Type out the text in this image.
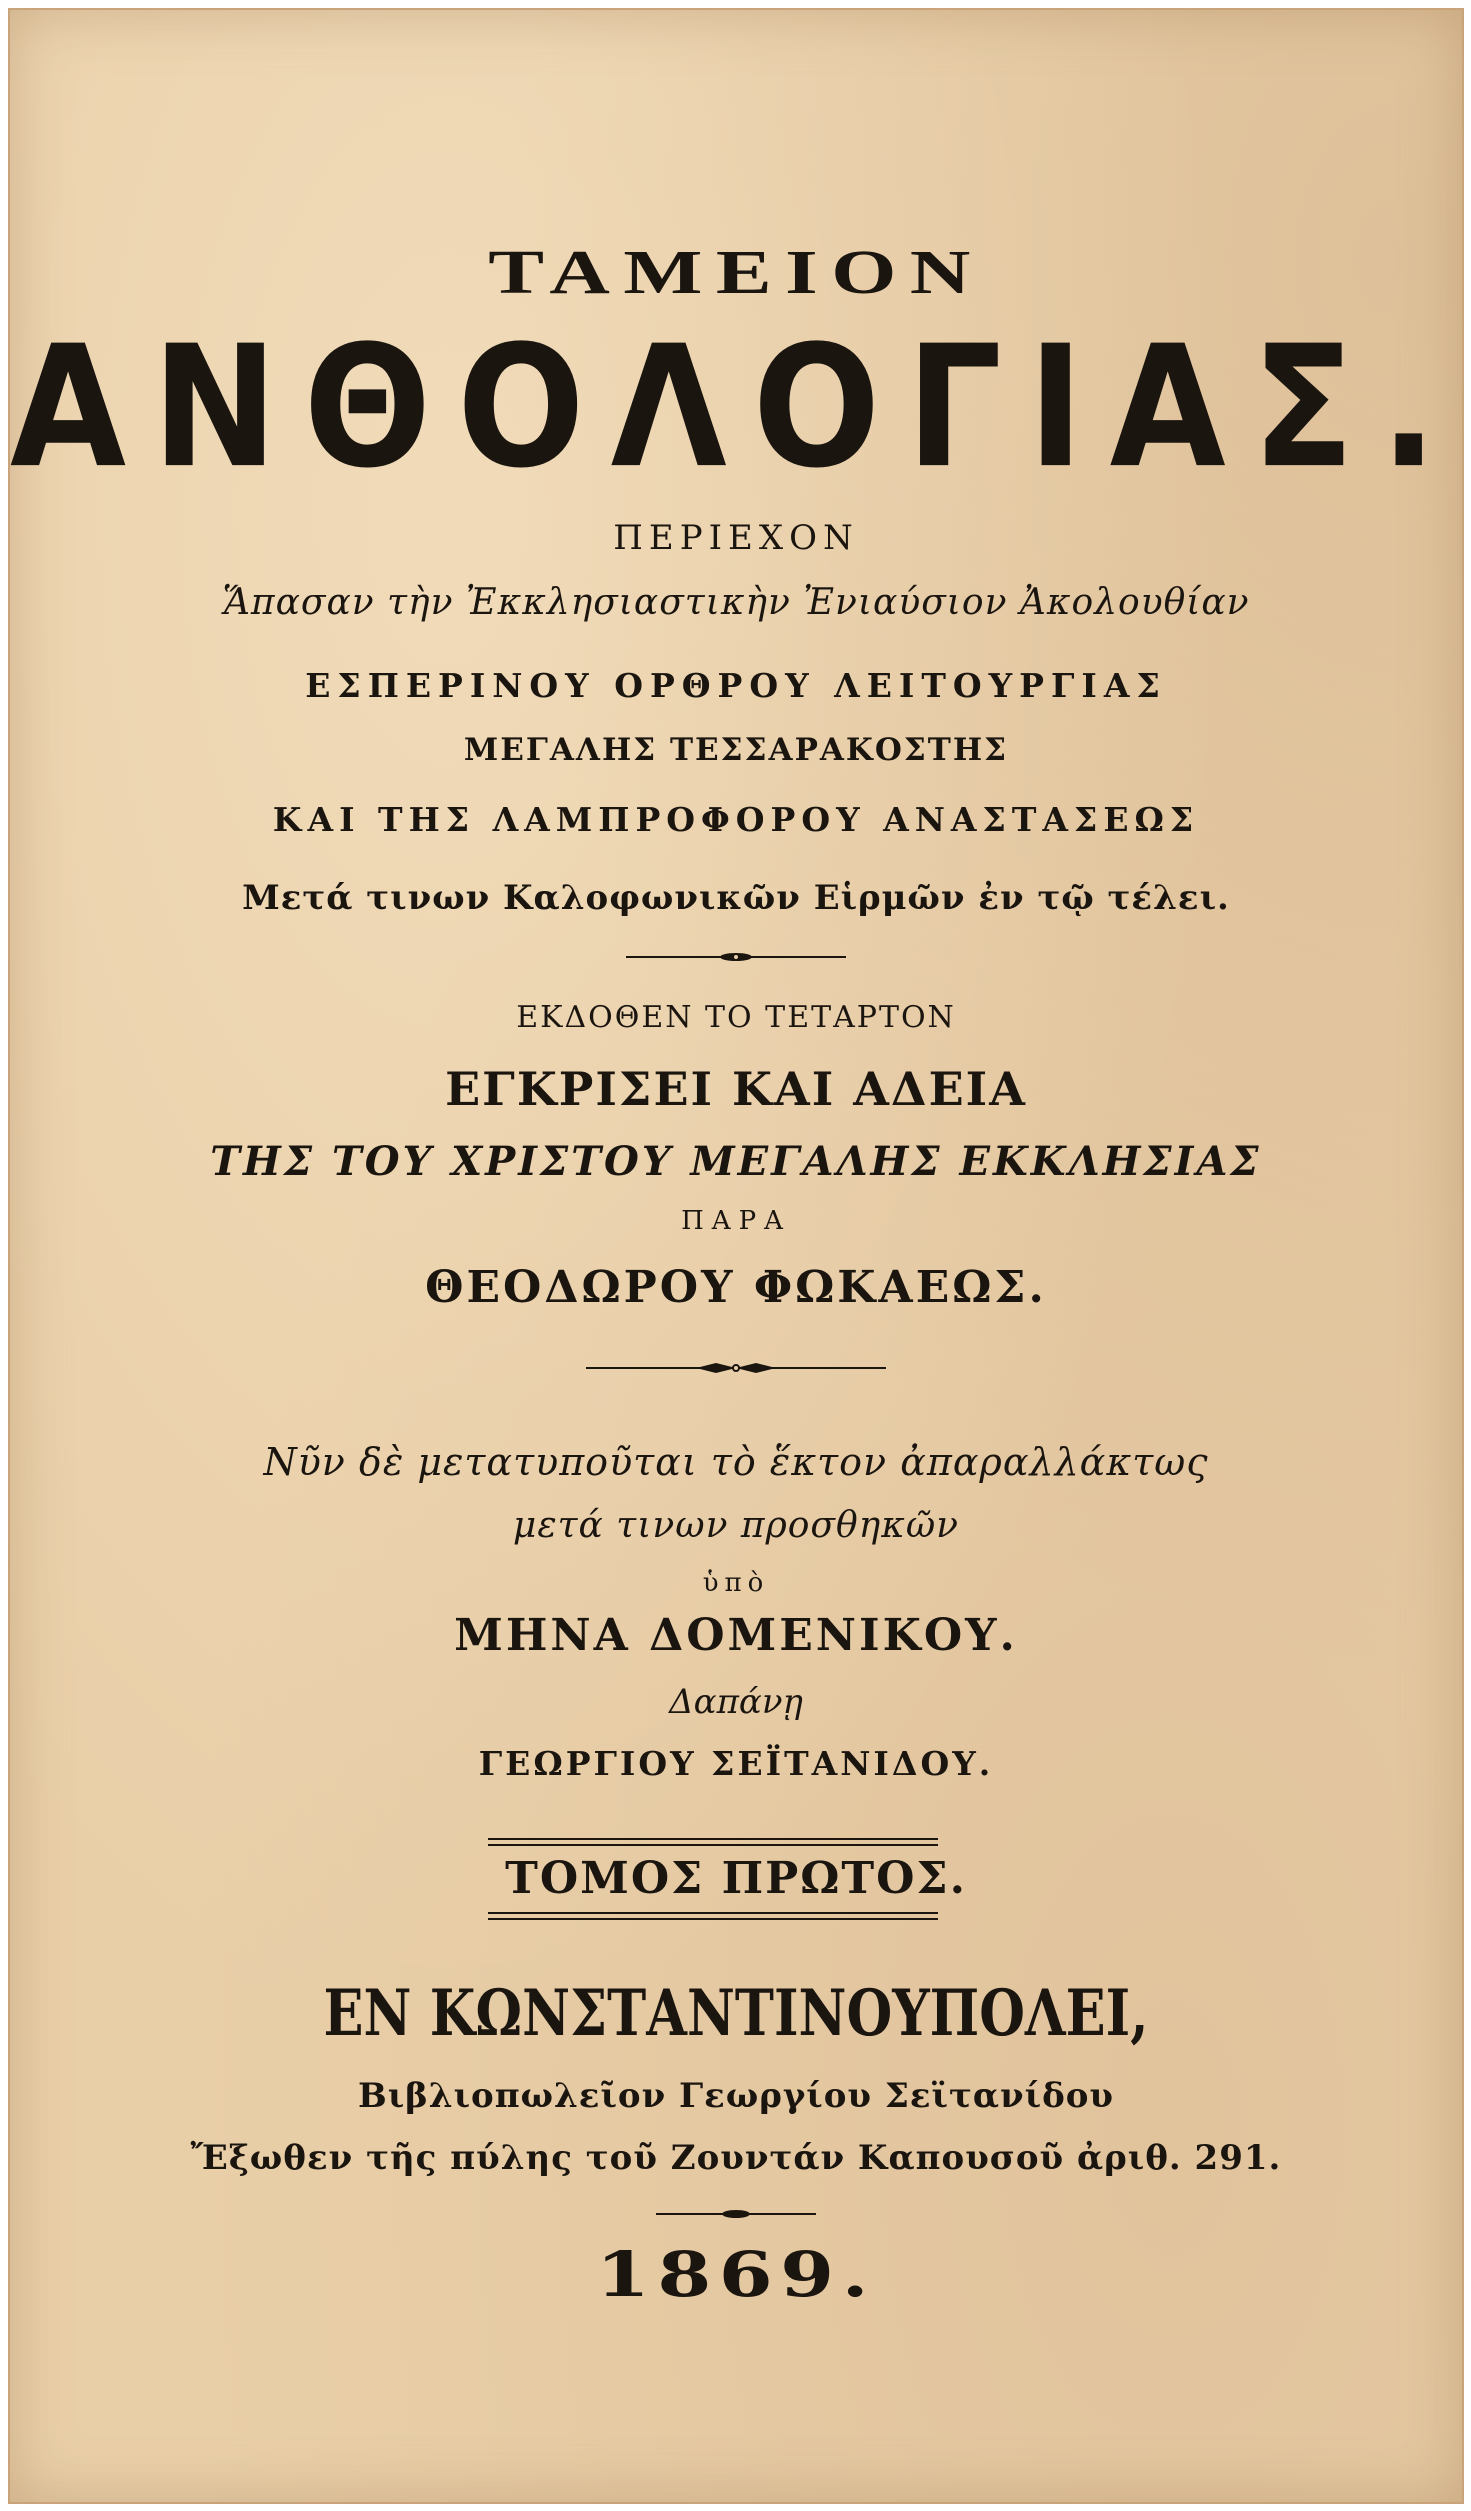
ΤΑΜΕΙΟΝ
ΑΝΘΟΛΟΓΙΑΣ.
ΠΕΡΙΕΧΟΝ
Ἅπασαν τὴν Ἐκκλησιαστικὴν Ἐνιαύσιον Ἀκολουθίαν
ΕΣΠΕΡΙΝΟΥ ΟΡΘΡΟΥ ΛΕΙΤΟΥΡΓΙΑΣ
ΜΕΓΑΛΗΣ ΤΕΣΣΑΡΑΚΟΣΤΗΣ
ΚΑΙ ΤΗΣ ΛΑΜΠΡΟΦΟΡΟΥ ΑΝΑΣΤΑΣΕΩΣ
Μετά τινων Καλοφωνικῶν Εἱρμῶν ἐν τῷ τέλει.
ΕΚΔΟΘΕΝ ΤΟ ΤΕΤΑΡΤΟΝ
ΕΓΚΡΙΣΕΙ ΚΑΙ ΑΔΕΙΑ
ΤΗΣ ΤΟΥ ΧΡΙΣΤΟΥ ΜΕΓΑΛΗΣ ΕΚΚΛΗΣΙΑΣ
ΠΑΡΑ
ΘΕΟΔΩΡΟΥ ΦΩΚΑΕΩΣ.
Νῦν δὲ μετατυποῦται τὸ ἕκτον ἀπαραλλάκτως
μετά τινων προσθηκῶν
ὑπὸ
ΜΗΝΑ ΔΟΜΕΝΙΚΟΥ.
Δαπάνῃ
ΓΕΩΡΓΙΟΥ ΣΕΪΤΑΝΙΔΟΥ.
ΤΟΜΟΣ ΠΡΩΤΟΣ.
ΕΝ ΚΩΝΣΤΑΝΤΙΝΟΥΠΟΛΕΙ,
Βιβλιοπωλεῖον Γεωργίου Σεϊτανίδου
Ἔξωθεν τῆς πύλης τοῦ Ζουντάν Καπουσοῦ ἀριθ. 291.
1869.
